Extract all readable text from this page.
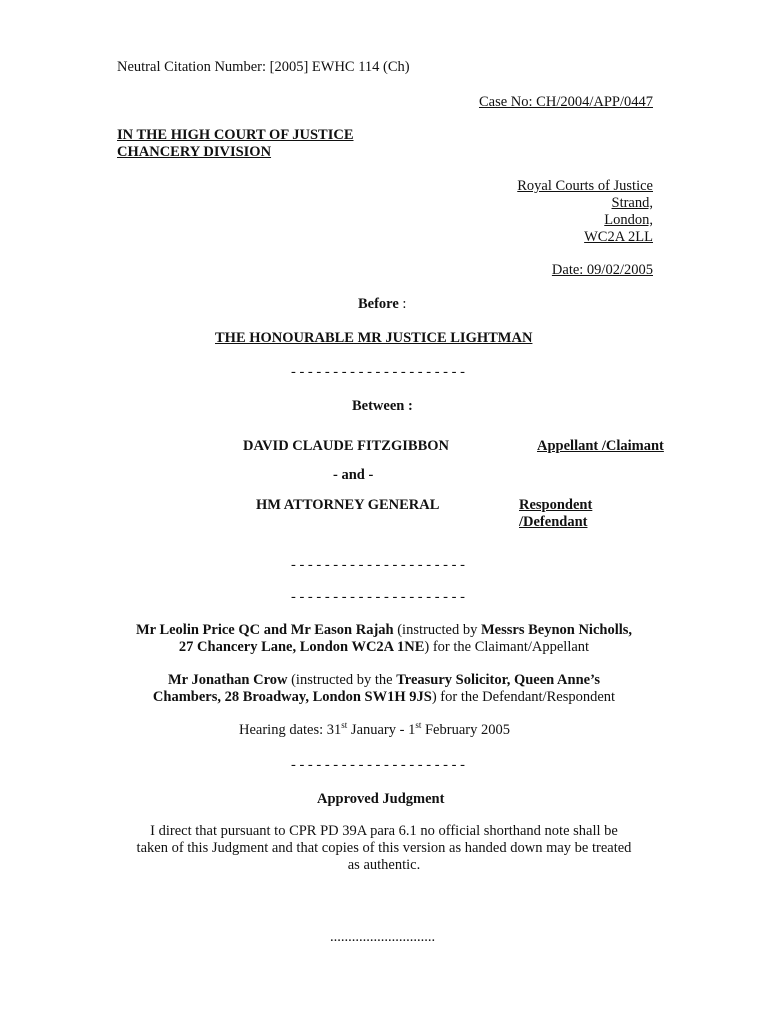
Neutral Citation Number: [2005] EWHC 114 (Ch)
Case No: CH/2004/APP/0447
IN THE HIGH COURT OF JUSTICE
CHANCERY DIVISION
Royal Courts of Justice
Strand,
London,
WC2A 2LL
Date: 09/02/2005
Before :
THE HONOURABLE MR JUSTICE LIGHTMAN
- - - - - - - - - - - - - - - - - - - - -
Between :
DAVID CLAUDE FITZGIBBON	Appellant /Claimant
- and -
HM ATTORNEY GENERAL	Respondent
/Defendant
- - - - - - - - - - - - - - - - - - - - -
- - - - - - - - - - - - - - - - - - - - -
Mr Leolin Price QC and Mr Eason Rajah (instructed by Messrs Beynon Nicholls,
27 Chancery Lane, London WC2A 1NE) for the Claimant/Appellant
Mr Jonathan Crow (instructed by the Treasury Solicitor, Queen Anne’s
Chambers, 28 Broadway, London SW1H 9JS) for the Defendant/Respondent
Hearing dates: 31st January - 1st February 2005
- - - - - - - - - - - - - - - - - - - - -
Approved Judgment
I direct that pursuant to CPR PD 39A para 6.1 no official shorthand note shall be
taken of this Judgment and that copies of this version as handed down may be treated
as authentic.
.............................
